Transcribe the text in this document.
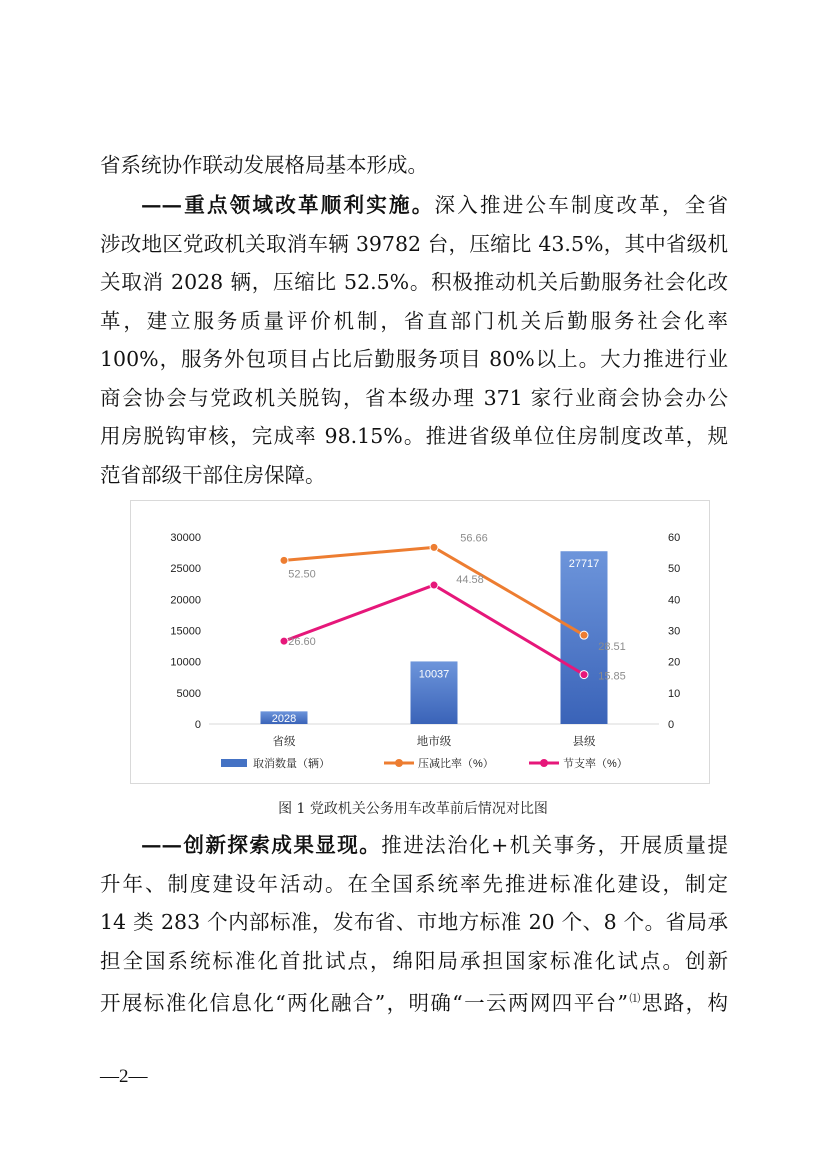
省系统协作联动发展格局基本形成。
——重点领域改革顺利实施。深入推进公车制度改革，全省
涉改地区党政机关取消车辆 39782 台，压缩比 43.5%，其中省级机
关取消 2028 辆，压缩比 52.5%。积极推动机关后勤服务社会化改
革，建立服务质量评价机制，省直部门机关后勤服务社会化率
100%，服务外包项目占比后勤服务项目 80%以上。大力推进行业
商会协会与党政机关脱钩，省本级办理 371 家行业商会协会办公
用房脱钩审核，完成率 98.15%。推进省级单位住房制度改革，规
范省部级干部住房保障。
0
5000
10000
15000
20000
25000
30000
0
10
20
30
40
50
60
省级	地市级	县级
2028
10037
27717
52.50
56.66
28.51
26.60
44.58
15.85
取消数量（辆）	压减比率（%）	节支率（%）
图 1 党政机关公务用车改革前后情况对比图
——创新探索成果显现。推进法治化+机关事务，开展质量提
升年、制度建设年活动。在全国系统率先推进标准化建设，制定
14 类 283 个内部标准，发布省、市地方标准 20 个、8 个。省局承
担全国系统标准化首批试点，绵阳局承担国家标准化试点。创新
开展标准化信息化“两化融合”，明确“一云两网四平台”⑴思路，构
—2—
